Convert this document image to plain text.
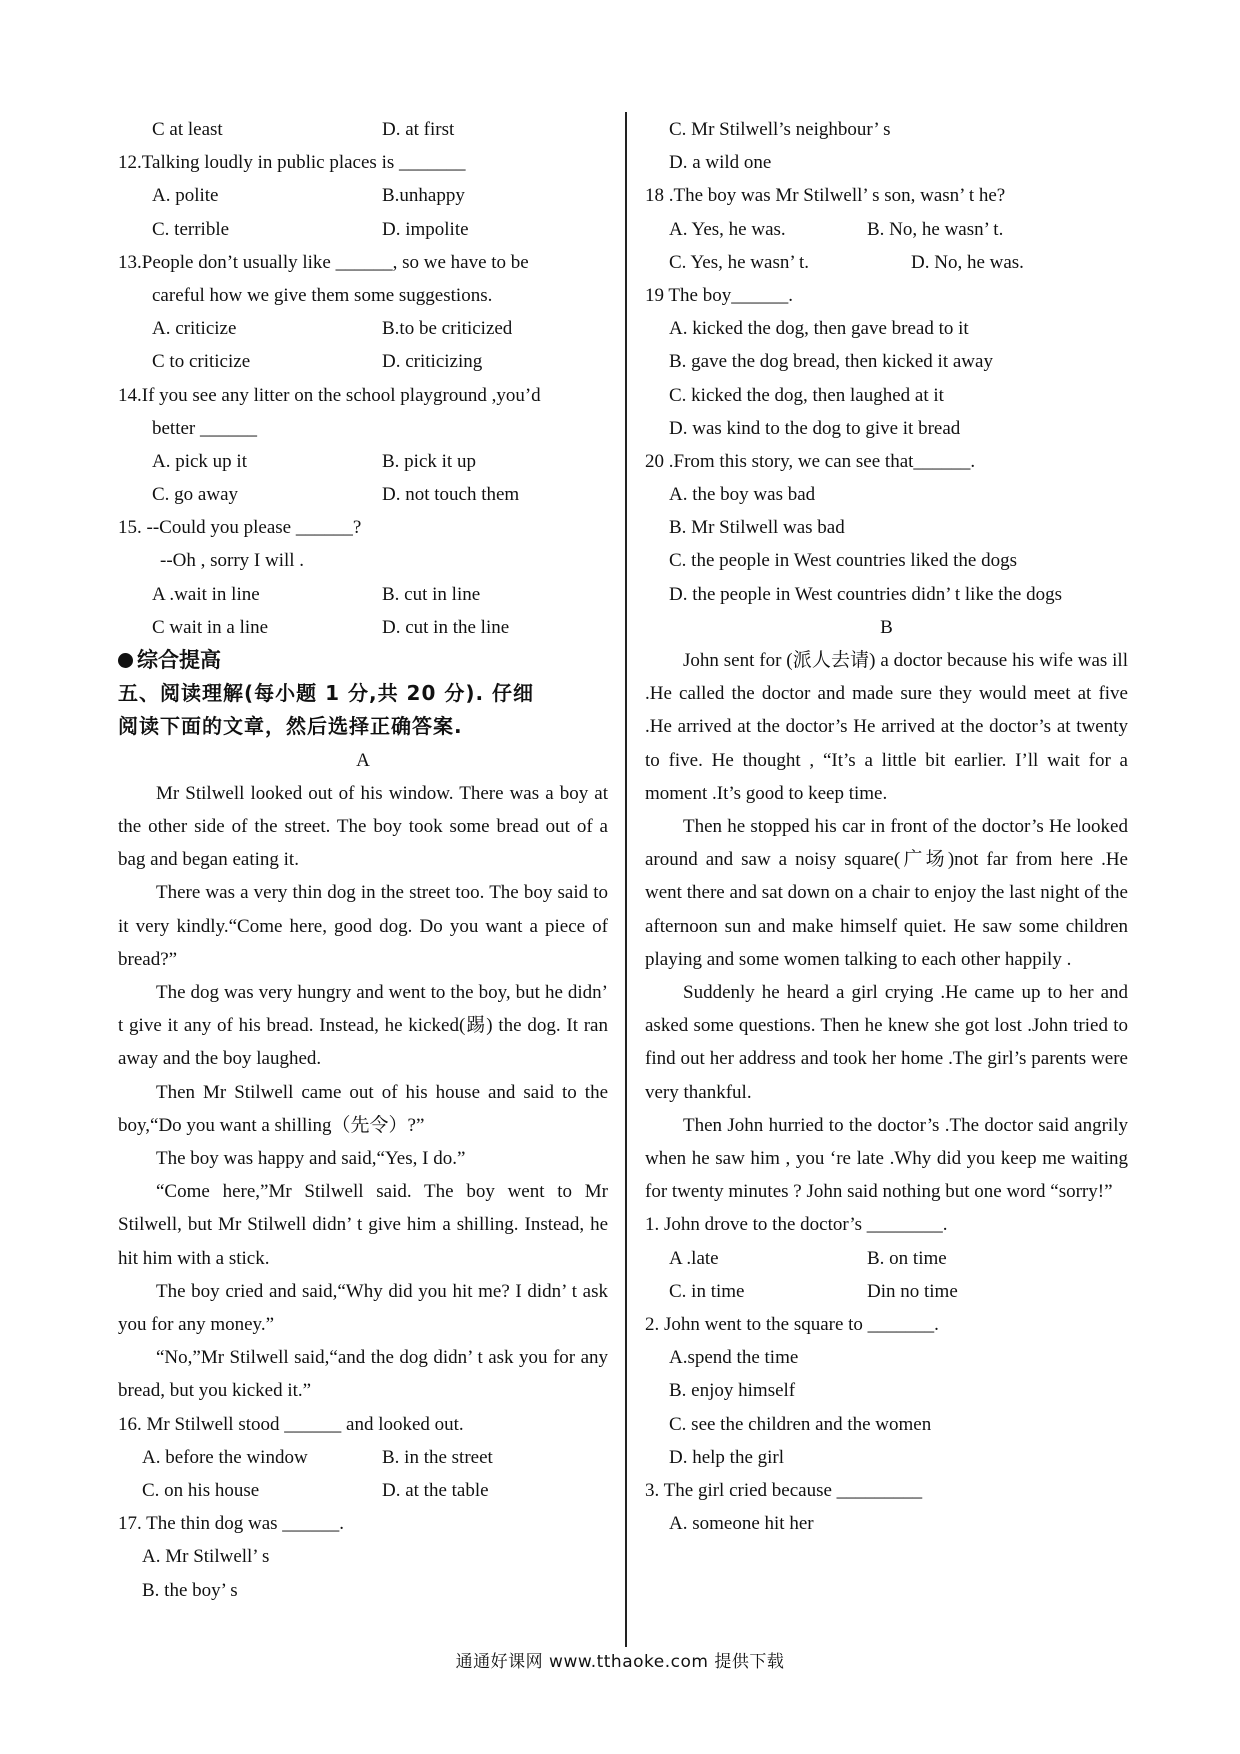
C at least	D. at first
12.Talking loudly in public places is _______
A. polite	B.unhappy
C. terrible	D. impolite
13.People don’t usually like ______, so we have to be
careful how we give them some suggestions.
A. criticize	B.to be criticized
C to criticize	D. criticizing
14.If you see any litter on the school playground ,you’d
better ______
A. pick up it	B. pick it up
C. go away	D. not touch them
15. --Could you please ______?
--Oh , sorry I will .
A .wait in line	B. cut in line
C wait in a line	D. cut in the line
综合提高
五、阅读理解(每小题 1 分,共 20 分). 仔细
阅读下面的文章，然后选择正确答案.
A

Mr Stilwell looked out of his window. There was a boy at the other side of the street. The boy took some bread out of a bag and began eating it.

There was a very thin dog in the street too. The boy said to it very kindly.“Come here, good dog. Do you want a piece of bread?”

The dog was very hungry and went to the boy, but he didn’ t give it any of his bread. Instead, he kicked(踢) the dog. It ran away and the boy laughed.

Then Mr Stilwell came out of his house and said to the boy,“Do you want a shilling（先令）?”

The boy was happy and said,“Yes, I do.”

“Come here,”Mr Stilwell said. The boy went to Mr Stilwell, but Mr Stilwell didn’ t give him a shilling. Instead, he hit him with a stick.

The boy cried and said,“Why did you hit me? I didn’ t ask you for any money.”

“No,”Mr Stilwell said,“and the dog didn’ t ask you for any bread, but you kicked it.”

16. Mr Stilwell stood ______ and looked out.
A. before the window	B. in the street
C. on his house	D. at the table
17. The thin dog was ______.
A. Mr Stilwell’ s
B. the boy’ s
C. Mr Stilwell’s neighbour’ s
D. a wild one
18 .The boy was Mr Stilwell’ s son, wasn’ t he?
A. Yes, he was.	B. No, he wasn’ t.
C. Yes, he wasn’ t.	D. No, he was.
19 The boy______.
A. kicked the dog, then gave bread to it
B. gave the dog bread, then kicked it away
C. kicked the dog, then laughed at it
D. was kind to the dog to give it bread
20 .From this story, we can see that______.
A. the boy was bad
B. Mr Stilwell was bad
C. the people in West countries liked the dogs
D. the people in West countries didn’ t like the dogs
B

John sent for (派人去请) a doctor because his wife was ill .He called the doctor and made sure they would meet at five .He arrived at the doctor’s He arrived at the doctor’s at twenty to five. He thought , “It’s a little bit earlier. I’ll wait for a moment .It’s good to keep time.

Then he stopped his car in front of the doctor’s He looked around and saw a noisy square(广场)not far from here .He went there and sat down on a chair to enjoy the last night of the afternoon sun and make himself quiet. He saw some children playing and some women talking to each other happily .

Suddenly he heard a girl crying .He came up to her and asked some questions. Then he knew she got lost .John tried to find out her address and took her home .The girl’s parents were very thankful.

Then John hurried to the doctor’s .The doctor said angrily when he saw him , you ‘re late .Why did you keep me waiting for twenty minutes ? John said nothing but one word “sorry!”

1. John drove to the doctor’s ________.
A .late	B. on time
C. in time	Din no time
2. John went to the square to _______.
A.spend the time
B. enjoy himself
C. see the children and the women
D. help the girl
3. The girl cried because _________
A. someone hit her
通通好课网 www.tthaoke.com 提供下载
